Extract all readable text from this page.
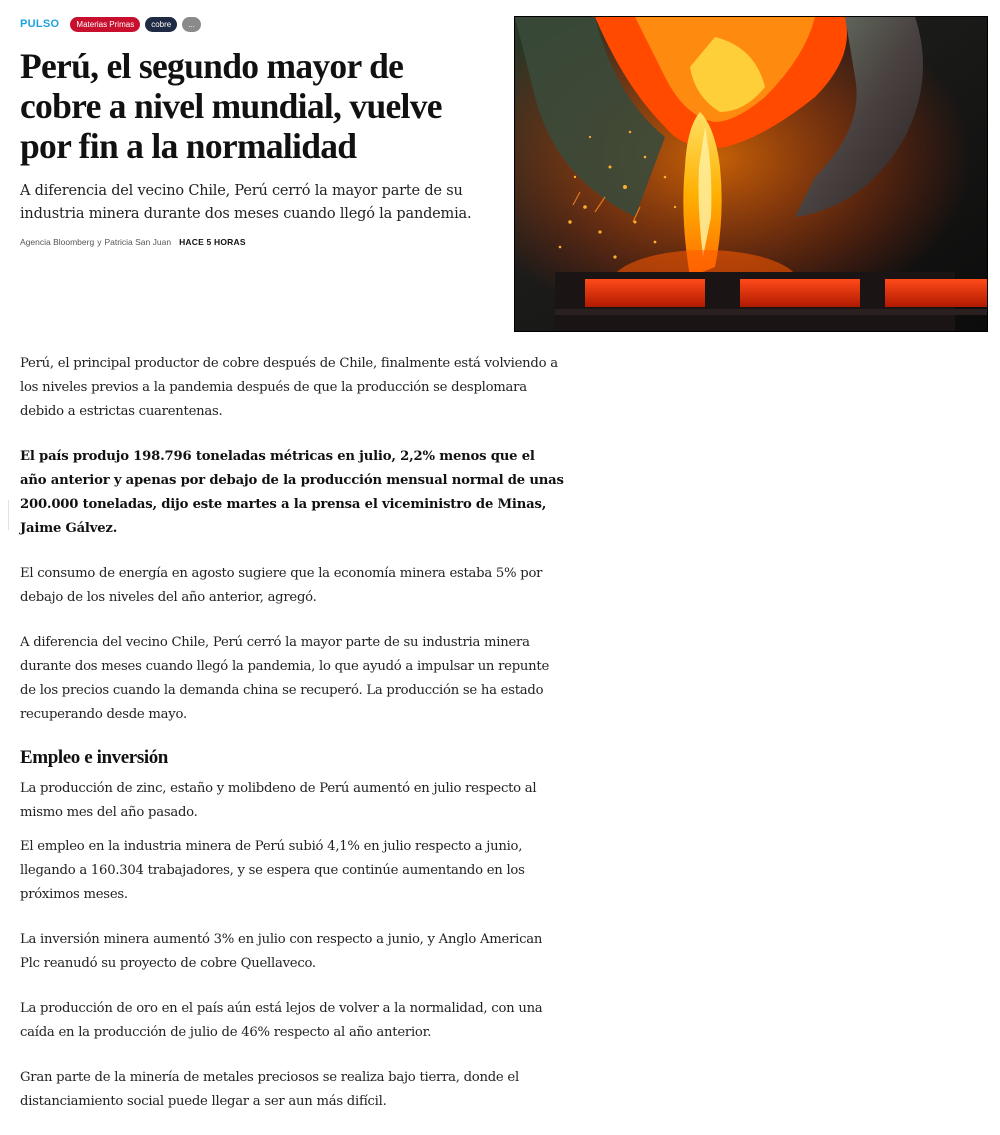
PULSO	Materias Primas	cobre	...
Perú, el segundo mayor de cobre a nivel mundial, vuelve por fin a la normalidad

A diferencia del vecino Chile, Perú cerró la mayor parte de su industria minera durante dos meses cuando llegó la pandemia.

Agencia Bloomberg y Patricia San Juan HACE 5 HORAS

Perú, el principal productor de cobre después de Chile, finalmente está volviendo a los niveles previos a la pandemia después de que la producción se desplomara debido a estrictas cuarentenas.

El país produjo 198.796 toneladas métricas en julio, 2,2% menos que el año anterior y apenas por debajo de la producción mensual normal de unas 200.000 toneladas, dijo este martes a la prensa el viceministro de Minas, Jaime Gálvez.

El consumo de energía en agosto sugiere que la economía minera estaba 5% por debajo de los niveles del año anterior, agregó.

A diferencia del vecino Chile, Perú cerró la mayor parte de su industria minera durante dos meses cuando llegó la pandemia, lo que ayudó a impulsar un repunte de los precios cuando la demanda china se recuperó. La producción se ha estado recuperando desde mayo.

Empleo e inversión

La producción de zinc, estaño y molibdeno de Perú aumentó en julio respecto al mismo mes del año pasado.

El empleo en la industria minera de Perú subió 4,1% en julio respecto a junio, llegando a 160.304 trabajadores, y se espera que continúe aumentando en los próximos meses.

La inversión minera aumentó 3% en julio con respecto a junio, y Anglo American Plc reanudó su proyecto de cobre Quellaveco.

La producción de oro en el país aún está lejos de volver a la normalidad, con una caída en la producción de julio de 46% respecto al año anterior.

Gran parte de la minería de metales preciosos se realiza bajo tierra, donde el distanciamiento social puede llegar a ser aun más difícil.
